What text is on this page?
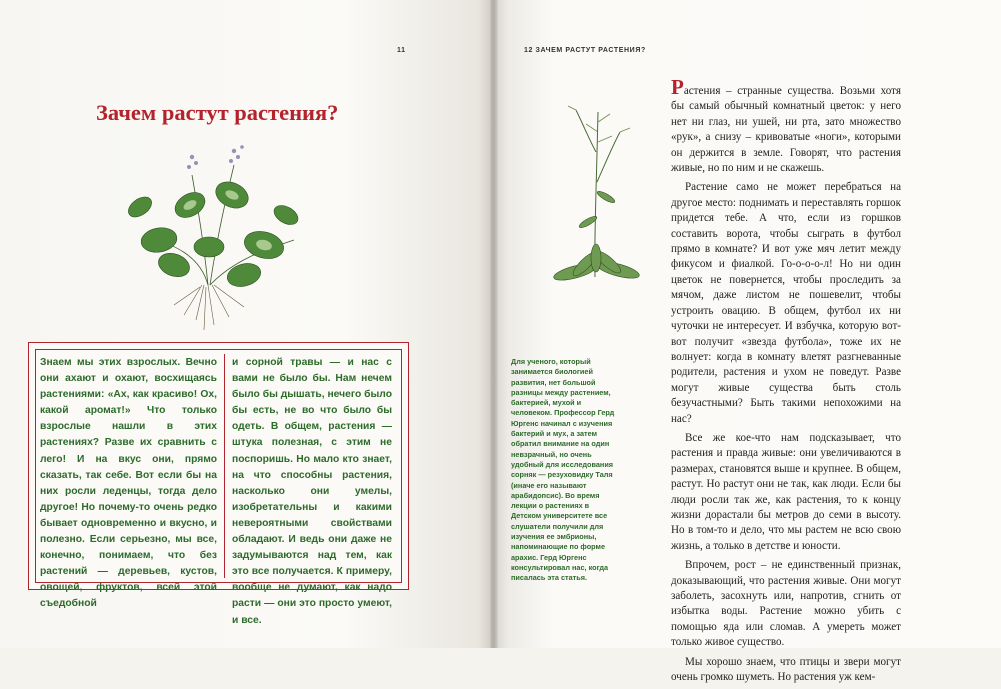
11	12 ЗАЧЕМ РАСТУТ РАСТЕНИЯ?
Зачем растут растения?
Знаем мы этих взрослых. Вечно они ахают и охают, восхищаясь растениями: «Ах, как красиво! Ох, какой аромат!» Что только взрослые нашли в этих растениях? Разве их сравнить с лего! И на вкус они, прямо сказать, так себе. Вот если бы на них росли леденцы, тогда дело другое! Но почему-то очень редко бывает одновременно и вкусно, и полезно. Если серьезно, мы все, конечно, понимаем, что без растений — деревьев, кустов, овощей, фруктов, всей этой съедобной
и сорной травы — и нас с вами не было бы. Нам нечем было бы дышать, нечего было бы есть, не во что было бы одеть. В общем, растения — штука полезная, с этим не поспоришь. Но мало кто знает, на что способны растения, насколько они умелы, изобретательны и какими невероятными свойствами обладают. И ведь они даже не задумываются над тем, как это все получается. К примеру, вообще не думают, как надо расти — они это просто умеют, и все.
Для ученого, который занимается биологией развития, нет большой разницы между растением, бактерией, мухой и человеком. Профессор Герд Юргенс начинал с изучения бактерий и мух, а затем обратил внимание на один невзрачный, но очень удобный для исследования сорняк — резуховидку Таля (иначе его называют арабидопсис). Во время лекции о растениях в Детском университете все слушатели получили для изучения ее эмбрионы, напоминающие по форме арахис. Герд Юргенс консультировал нас, когда писалась эта статья.

Растения – странные существа. Возьми хотя бы самый обычный комнатный цветок: у него нет ни глаз, ни ушей, ни рта, зато множество «рук», а снизу – кривоватые «ноги», которыми он держится в земле. Говорят, что растения живые, но по ним и не скажешь.

Растение само не может перебраться на другое место: поднимать и переставлять горшок придется тебе. А что, если из горшков составить ворота, чтобы сыграть в футбол прямо в комнате? И вот уже мяч летит между фикусом и фиалкой. Го-о-о-о-л! Но ни один цветок не повернется, чтобы проследить за мячом, даже листом не пошевелит, чтобы устроить овацию. В общем, футбол их ни чуточки не интересует. И взбучка, которую вот-вот получит «звезда футбола», тоже их не волнует: когда в комнату влетят разгневанные родители, растения и ухом не поведут. Разве могут живые существа быть столь безучастными? Быть такими непохожими на нас?

Все же кое-что нам подсказывает, что растения и правда живые: они увеличиваются в размерах, становятся выше и крупнее. В общем, растут. Но растут они не так, как люди. Если бы люди росли так же, как растения, то к концу жизни дорастали бы метров до семи в высоту. Но в том-то и дело, что мы растем не всю свою жизнь, а только в детстве и юности.

Впрочем, рост – не единственный признак, доказывающий, что растения живые. Они могут заболеть, засохнуть или, напротив, сгнить от избытка воды. Растение можно убить с помощью яда или сломав. А умереть может только живое существо.

Мы хорошо знаем, что птицы и звери могут очень громко шуметь. Но растения уж кем-
